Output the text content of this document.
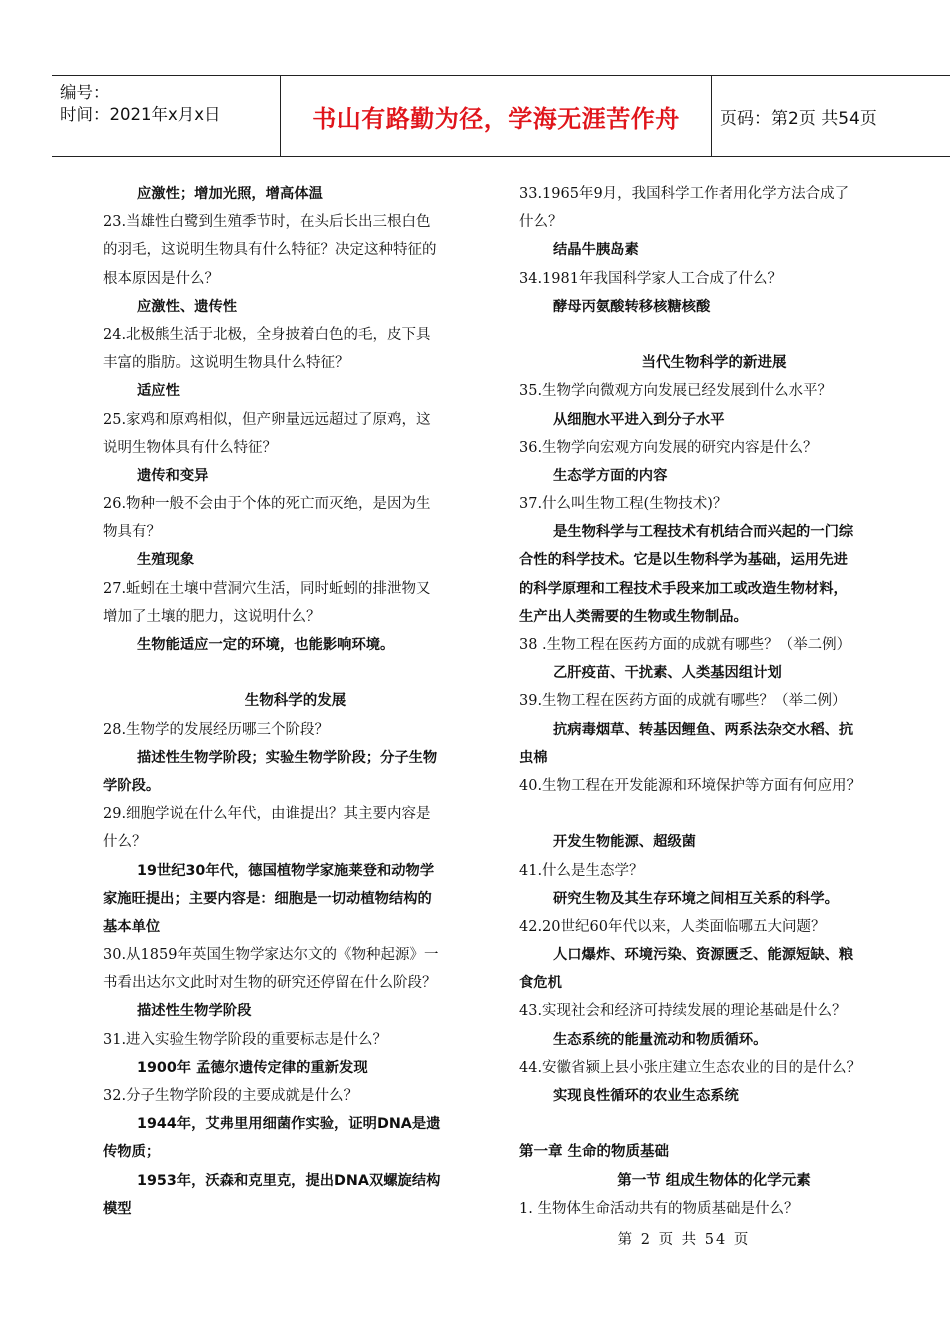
编号：
时间：2021年x月x日	书山有路勤为径，学海无涯苦作舟	页码：第2页 共54页
应激性；增加光照，增高体温
23.当雄性白鹭到生殖季节时，在头后长出三根白色
的羽毛，这说明生物具有什么特征？决定这种特征的
根本原因是什么？
应激性、遗传性
24.北极熊生活于北极，全身披着白色的毛，皮下具
丰富的脂肪。这说明生物具什么特征？
适应性
25.家鸡和原鸡相似，但产卵量远远超过了原鸡，这
说明生物体具有什么特征？
遗传和变异
26.物种一般不会由于个体的死亡而灭绝，是因为生
物具有？
生殖现象
27.蚯蚓在土壤中营洞穴生活，同时蚯蚓的排泄物又
增加了土壤的肥力，这说明什么？
生物能适应一定的环境，也能影响环境。
生物科学的发展
28.生物学的发展经历哪三个阶段？
描述性生物学阶段；实验生物学阶段；分子生物
学阶段。
29.细胞学说在什么年代，由谁提出？其主要内容是
什么？
19世纪30年代，德国植物学家施莱登和动物学
家施旺提出；主要内容是：细胞是一切动植物结构的
基本单位
30.从1859年英国生物学家达尔文的《物种起源》一
书看出达尔文此时对生物的研究还停留在什么阶段？
描述性生物学阶段
31.进入实验生物学阶段的重要标志是什么？
1900年 孟德尔遗传定律的重新发现
32.分子生物学阶段的主要成就是什么？
1944年，艾弗里用细菌作实验，证明DNA是遗
传物质；
1953年，沃森和克里克，提出DNA双螺旋结构
模型
33.1965年9月，我国科学工作者用化学方法合成了
什么？
结晶牛胰岛素
34.1981年我国科学家人工合成了什么？
酵母丙氨酸转移核糖核酸
当代生物科学的新进展
35.生物学向微观方向发展已经发展到什么水平？
从细胞水平进入到分子水平
36.生物学向宏观方向发展的研究内容是什么？
生态学方面的内容
37.什么叫生物工程(生物技术)？
是生物科学与工程技术有机结合而兴起的一门综
合性的科学技术。它是以生物科学为基础，运用先进
的科学原理和工程技术手段来加工或改造生物材料，
生产出人类需要的生物或生物制品。
38 .生物工程在医药方面的成就有哪些？（举二例）
乙肝疫苗、干扰素、人类基因组计划
39.生物工程在医药方面的成就有哪些？（举二例）
抗病毒烟草、转基因鲤鱼、两系法杂交水稻、抗
虫棉
40.生物工程在开发能源和环境保护等方面有何应用？
开发生物能源、超级菌
41.什么是生态学？
研究生物及其生存环境之间相互关系的科学。
42.20世纪60年代以来，人类面临哪五大问题？
人口爆炸、环境污染、资源匮乏、能源短缺、粮
食危机
43.实现社会和经济可持续发展的理论基础是什么？
生态系统的能量流动和物质循环。
44.安徽省颍上县小张庄建立生态农业的目的是什么？
实现良性循环的农业生态系统
第一章 生命的物质基础
第一节 组成生物体的化学元素
1. 生物体生命活动共有的物质基础是什么？
第 2 页 共 54 页
